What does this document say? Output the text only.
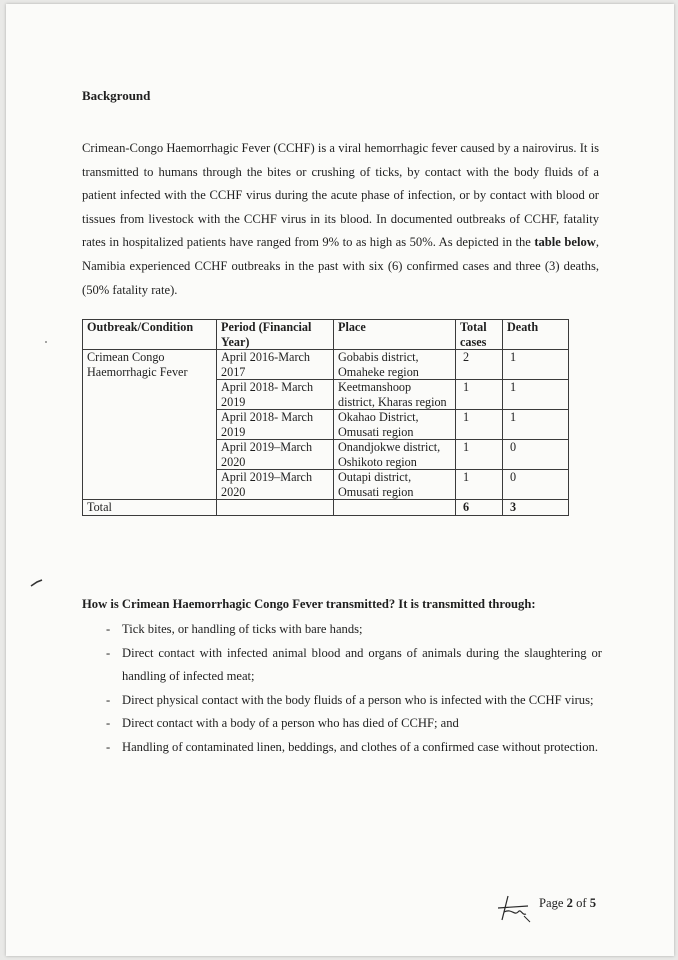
Background

Crimean-Congo Haemorrhagic Fever (CCHF) is a viral hemorrhagic fever caused by a nairovirus. It is transmitted to humans through the bites or crushing of ticks, by contact with the body fluids of a patient infected with the CCHF virus during the acute phase of infection, or by contact with blood or tissues from livestock with the CCHF virus in its blood. In documented outbreaks of CCHF, fatality rates in hospitalized patients have ranged from 9% to as high as 50%. As depicted in the table below, Namibia experienced CCHF outbreaks in the past with six (6) confirmed cases and three (3) deaths, (50% fatality rate).

Outbreak/Condition	Period (Financial Year)	Place	Total cases	Death
Crimean Congo Haemorrhagic Fever	April 2016-March 2017	Gobabis district, Omaheke region	2	1
	April 2018- March 2019	Keetmanshoop district, Kharas region	1	1
	April 2018- March 2019	Okahao District, Omusati region	1	1
	April 2019–March 2020	Onandjokwe district, Oshikoto region	1	0
	April 2019–March 2020	Outapi district, Omusati region	1	0
Total			6	3
How is Crimean Haemorrhagic Congo Fever transmitted? It is transmitted through:
- Tick bites, or handling of ticks with bare hands;
- Direct contact with infected animal blood and organs of animals during the slaughtering or handling of infected meat;
- Direct physical contact with the body fluids of a person who is infected with the CCHF virus;
- Direct contact with a body of a person who has died of CCHF; and
- Handling of contaminated linen, beddings, and clothes of a confirmed case without protection.
Page 2 of 5
